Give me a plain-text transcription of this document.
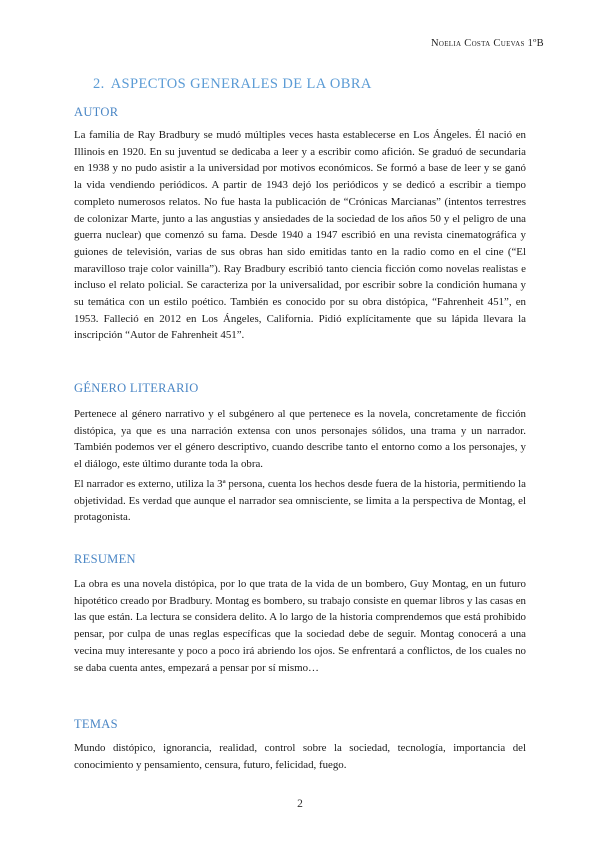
Noelia Costa Cuevas 1ºB
2. ASPECTOS GENERALES DE LA OBRA
AUTOR

La familia de Ray Bradbury se mudó múltiples veces hasta establecerse en Los Ángeles. Él nació en Illinois en 1920. En su juventud se dedicaba a leer y a escribir como afición. Se graduó de secundaria en 1938 y no pudo asistir a la universidad por motivos económicos. Se formó a base de leer y se ganó la vida vendiendo periódicos. A partir de 1943 dejó los periódicos y se dedicó a escribir a tiempo completo numerosos relatos. No fue hasta la publicación de “Crónicas Marcianas” (intentos terrestres de colonizar Marte, junto a las angustias y ansiedades de la sociedad de los años 50 y el peligro de una guerra nuclear) que comenzó su fama. Desde 1940 a 1947 escribió en una revista cinematográfica y guiones de televisión, varias de sus obras han sido emitidas tanto en la radio como en el cine (“El maravilloso traje color vainilla”). Ray Bradbury escribió tanto ciencia ficción como novelas realistas e incluso el relato policial. Se caracteriza por la universalidad, por escribir sobre la condición humana y su temática con un estilo poético. También es conocido por su obra distópica, “Fahrenheit 451”, en 1953. Falleció en 2012 en Los Ángeles, California. Pidió explícitamente que su lápida llevara la inscripción “Autor de Fahrenheit 451”.

GÉNERO LITERARIO

Pertenece al género narrativo y el subgénero al que pertenece es la novela, concretamente de ficción distópica, ya que es una narración extensa con unos personajes sólidos, una trama y un narrador. También podemos ver el género descriptivo, cuando describe tanto el entorno como a los personajes, y el diálogo, este último durante toda la obra.

El narrador es externo, utiliza la 3ª persona, cuenta los hechos desde fuera de la historia, permitiendo la objetividad. Es verdad que aunque el narrador sea omnisciente, se limita a la perspectiva de Montag, el protagonista.

RESUMEN

La obra es una novela distópica, por lo que trata de la vida de un bombero, Guy Montag, en un futuro hipotético creado por Bradbury. Montag es bombero, su trabajo consiste en quemar libros y las casas en las que están. La lectura se considera delito. A lo largo de la historia comprendemos que está prohibido pensar, por culpa de unas reglas específicas que la sociedad debe de seguir. Montag conocerá a una vecina muy interesante y poco a poco irá abriendo los ojos. Se enfrentará a conflictos, de los cuales no se daba cuenta antes, empezará a pensar por sí mismo…

TEMAS

Mundo distópico, ignorancia, realidad, control sobre la sociedad, tecnología, importancia del conocimiento y pensamiento, censura, futuro, felicidad, fuego.

2
